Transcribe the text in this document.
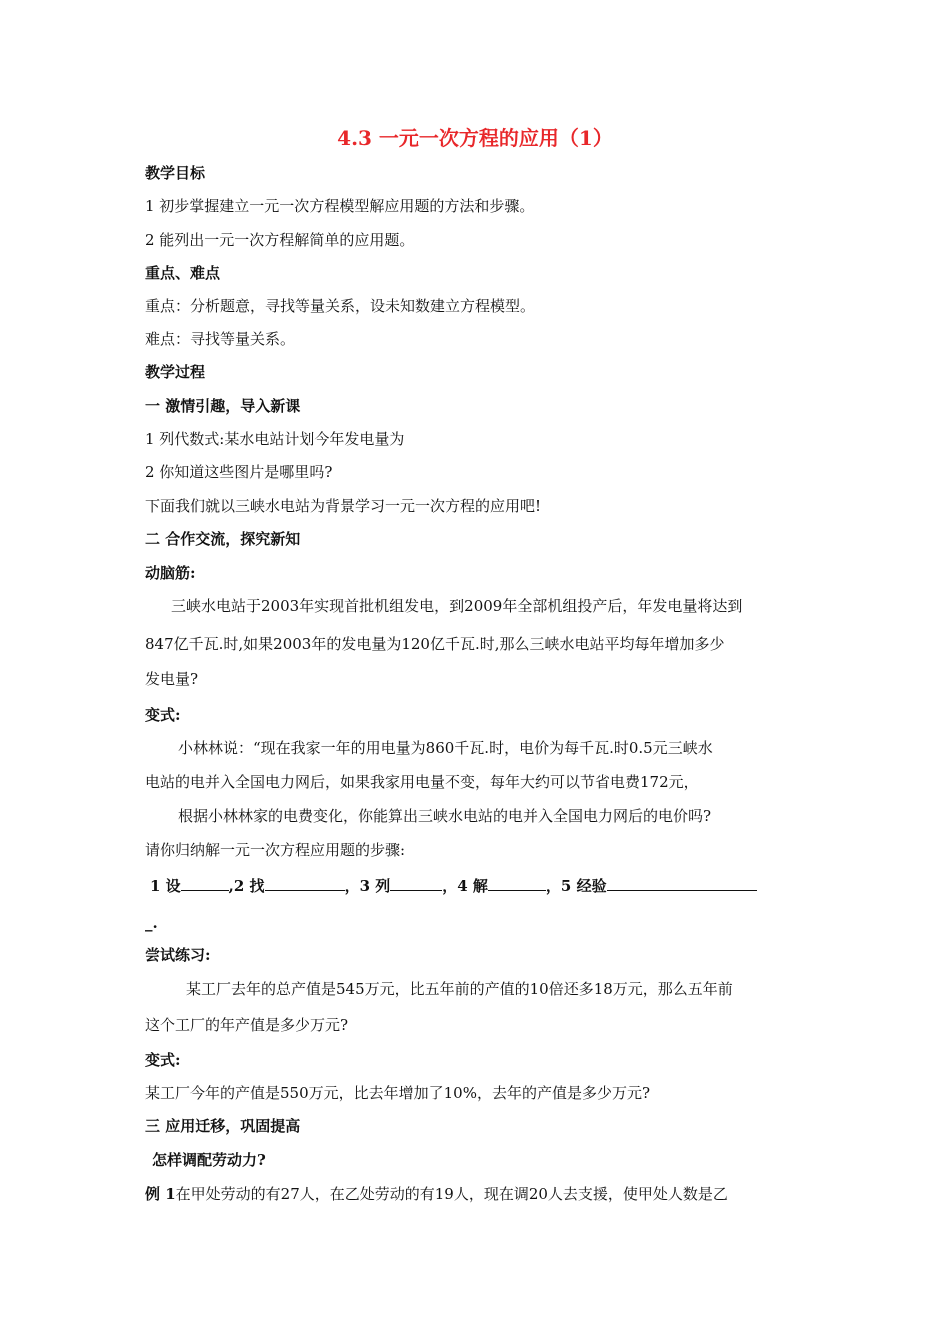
4.3 一元一次方程的应用（1）
教学目标
1 初步掌握建立一元一次方程模型解应用题的方法和步骤。
2 能列出一元一次方程解简单的应用题。
重点、难点
重点：分析题意，寻找等量关系，设未知数建立方程模型。
难点：寻找等量关系。
教学过程
一 激情引趣，导入新课
1 列代数式:某水电站计划今年发电量为
2 你知道这些图片是哪里吗?
下面我们就以三峡水电站为背景学习一元一次方程的应用吧!
二 合作交流，探究新知
动脑筋:
三峡水电站于2003年实现首批机组发电，到2009年全部机组投产后，年发电量将达到
847亿千瓦.时,如果2003年的发电量为120亿千瓦.时,那么三峡水电站平均每年增加多少
发电量?
变式:
小林林说：“现在我家一年的用电量为860千瓦.时，电价为每千瓦.时0.5元三峡水
电站的电并入全国电力网后，如果我家用电量不变，每年大约可以节省电费172元，
根据小林林家的电费变化，你能算出三峡水电站的电并入全国电力网后的电价吗?
请你归纳解一元一次方程应用题的步骤:
1 设	,2 找	，3 列	，4 解	，5 经验
_.
尝试练习:
某工厂去年的总产值是545万元，比五年前的产值的10倍还多18万元，那么五年前
这个工厂的年产值是多少万元?
变式:
某工厂今年的产值是550万元，比去年增加了10%，去年的产值是多少万元?
三 应用迁移，巩固提高
怎样调配劳动力?
例 1在甲处劳动的有27人，在乙处劳动的有19人，现在调20人去支援，使甲处人数是乙
